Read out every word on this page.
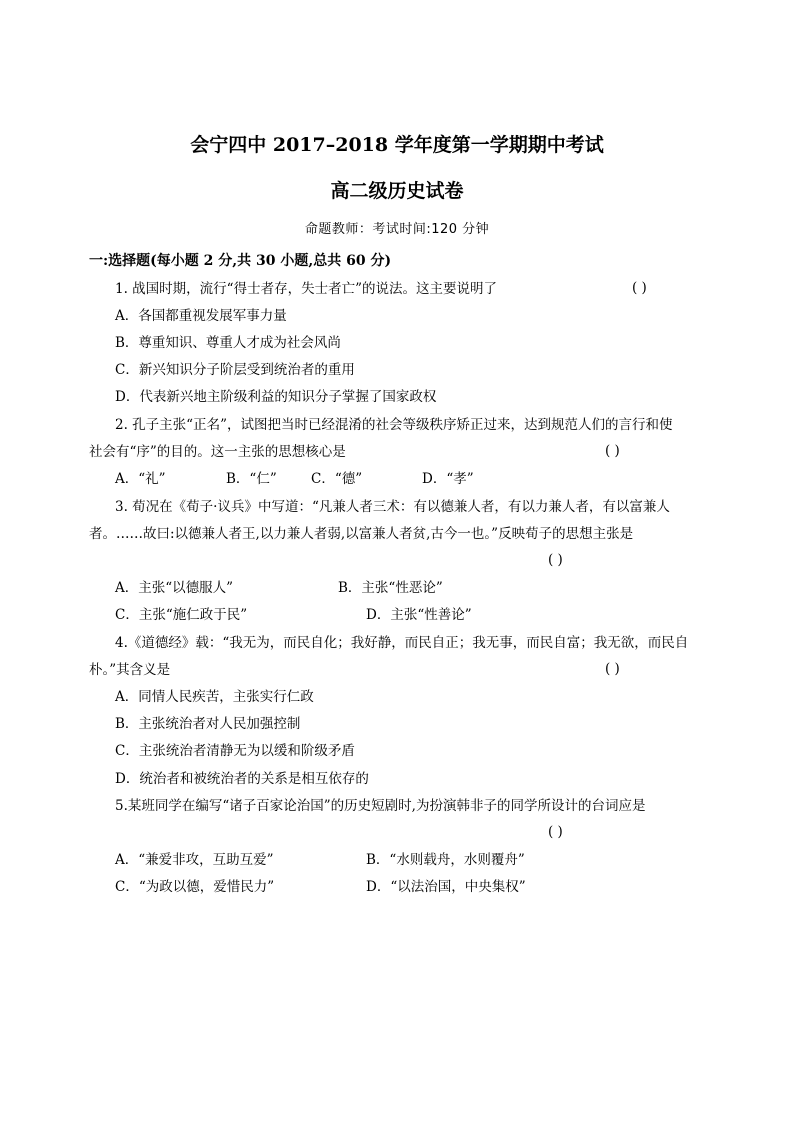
会宁四中 2017–2018 学年度第一学期期中考试
高二级历史试卷
命题教师：考试时间:120 分钟
一:选择题(每小题 2 分,共 30 小题,总共 60 分)
1. 战国时期，流行“得士者存，失士者亡”的说法。这主要说明了	( )
A．各国都重视发展军事力量
B．尊重知识、尊重人才成为社会风尚
C．新兴知识分子阶层受到统治者的重用
D．代表新兴地主阶级利益的知识分子掌握了国家政权
2. 孔子主张“正名”，试图把当时已经混淆的社会等级秩序矫正过来，达到规范人们的言行和使
社会有“序”的目的。这一主张的思想核心是	( )
A．“礼”	B．“仁”	C．“德”	D．“孝”
3. 荀况在《荀子·议兵》中写道：“凡兼人者三术：有以德兼人者，有以力兼人者，有以富兼人
者。……故曰:以德兼人者王,以力兼人者弱,以富兼人者贫,古今一也。”反映荀子的思想主张是
( )
A．主张“以德服人”	B．主张“性恶论”
C．主张“施仁政于民”	D．主张“性善论”
4.《道德经》载：“我无为，而民自化；我好静，而民自正；我无事，而民自富；我无欲，而民自
朴。”其含义是	( )
A．同情人民疾苦，主张实行仁政
B．主张统治者对人民加强控制
C．主张统治者清静无为以缓和阶级矛盾
D．统治者和被统治者的关系是相互依存的
5.某班同学在编写“诸子百家论治国”的历史短剧时,为扮演韩非子的同学所设计的台词应是
( )
A．“兼爱非攻，互助互爱”	B．“水则载舟，水则覆舟”
C．“为政以德，爱惜民力”	D．“以法治国，中央集权”
